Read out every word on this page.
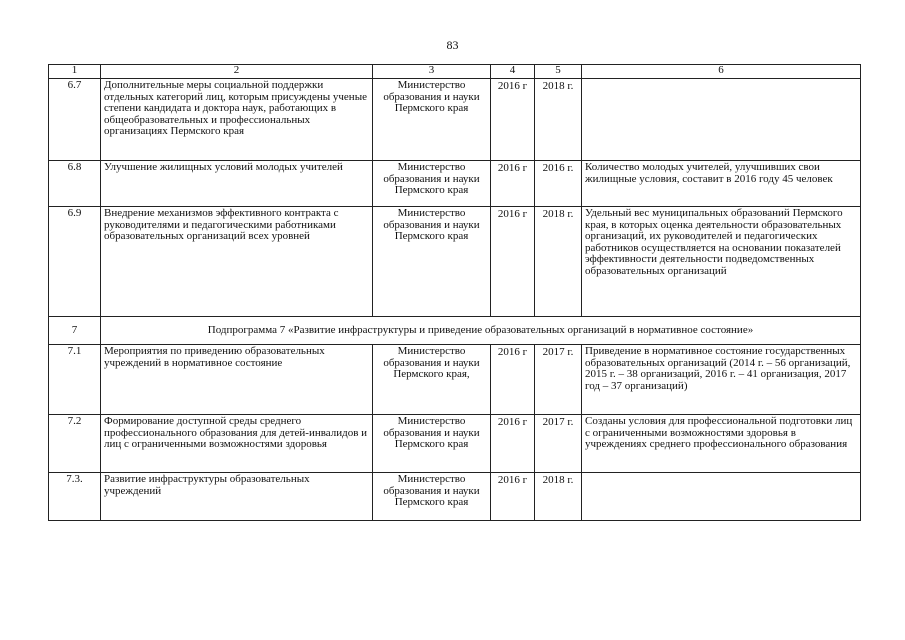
83
1	2	3	4	5	6
6.7	Дополнительные меры социальной поддержки отдельных категорий лиц, которым присуждены ученые степени кандидата и доктора наук, работающих в общеобразовательных и профессиональных организациях Пермского края	Министерство образования и науки Пермского края	2016 г	2018 г.	
6.8	Улучшение жилищных условий молодых учителей	Министерство образования и науки Пермского края	2016 г	2016 г.	Количество молодых учителей, улучшивших свои жилищные условия, составит в 2016 году 45 человек
6.9	Внедрение механизмов эффективного контракта с руководителями и педагогическими работниками образовательных организаций всех уровней	Министерство образования и науки Пермского края	2016 г	2018 г.	Удельный вес муниципальных образований Пермского края, в которых оценка деятельности образовательных организаций, их руководителей и педагогических работников осуществляется на основании показателей эффективности деятельности подведомственных образовательных организаций
7	Подпрограмма 7 «Развитие инфраструктуры и приведение образовательных организаций в нормативное состояние»				
7.1	Мероприятия по приведению образовательных учреждений в нормативное состояние	Министерство образования и науки Пермского края,	2016 г	2017 г.	Приведение в нормативное состояние государственных образовательных организаций (2014 г. – 56 организаций, 2015 г. – 38 организаций, 2016 г. – 41 организация, 2017 год – 37 организаций)
7.2	Формирование доступной среды среднего профессионального образования для детей-инвалидов и лиц с ограниченными возможностями здоровья	Министерство образования и науки Пермского края	2016 г	2017 г.	Созданы условия для профессиональной подготовки лиц с ограниченными возможностями здоровья в учреждениях среднего профессионального образования
7.3.	Развитие инфраструктуры образовательных учреждений	Министерство образования и науки Пермского края	2016 г	2018 г.	
